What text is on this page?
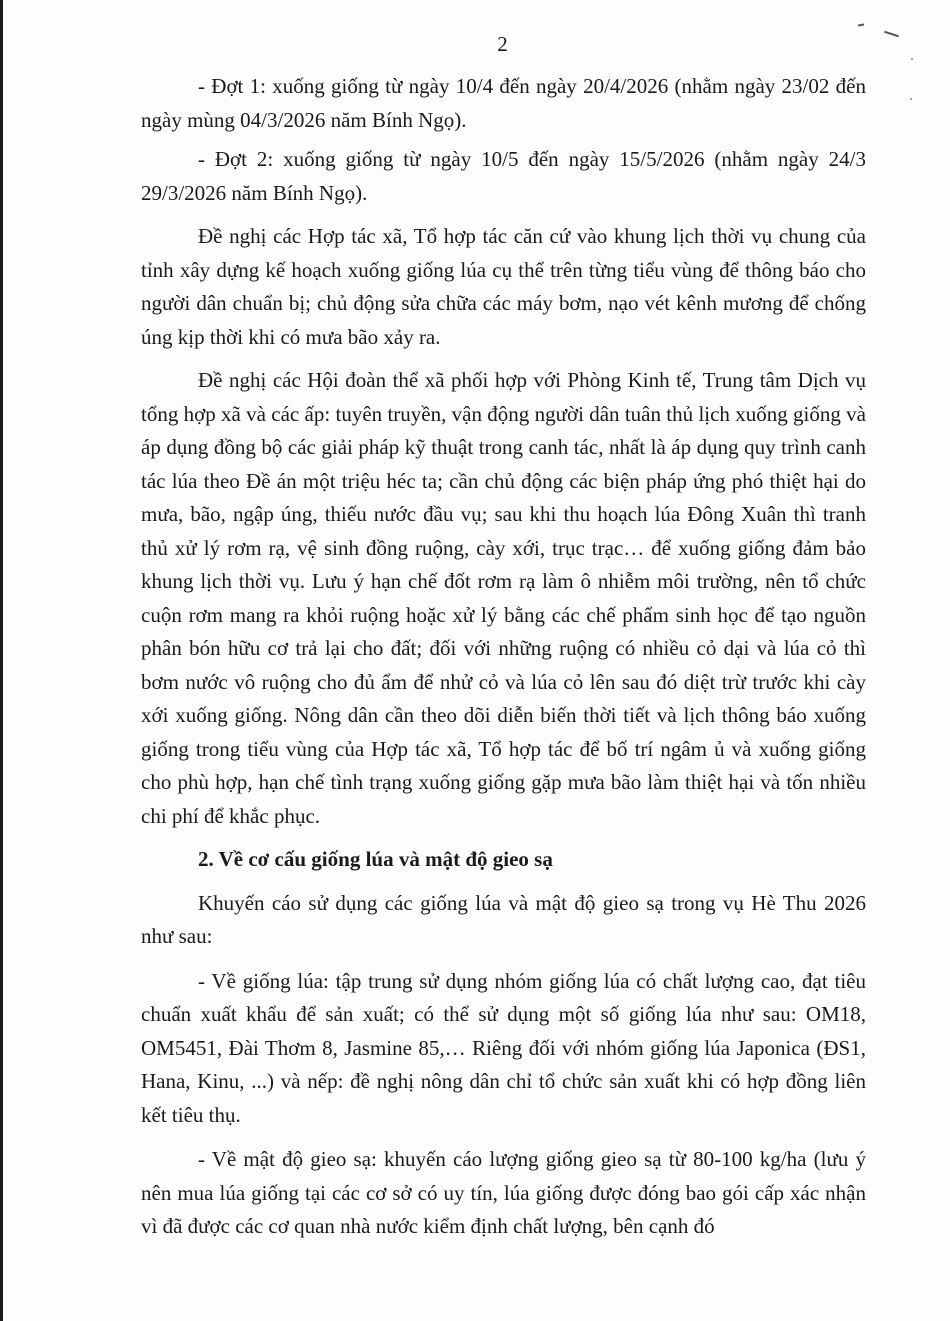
2

- Đợt 1: xuống giống từ ngày 10/4 đến ngày 20/4/2026 (nhằm ngày 23/02 đến ngày mùng 04/3/2026 năm Bính Ngọ).

- Đợt 2: xuống giống từ ngày 10/5 đến ngày 15/5/2026 (nhằm ngày 24/3 29/3/2026 năm Bính Ngọ).

Đề nghị các Hợp tác xã, Tổ hợp tác căn cứ vào khung lịch thời vụ chung của tỉnh xây dựng kế hoạch xuống giống lúa cụ thể trên từng tiểu vùng để thông báo cho người dân chuẩn bị; chủ động sửa chữa các máy bơm, nạo vét kênh mương để chống úng kịp thời khi có mưa bão xảy ra.

Đề nghị các Hội đoàn thể xã phối hợp với Phòng Kinh tế, Trung tâm Dịch vụ tổng hợp xã và các ấp: tuyên truyền, vận động người dân tuân thủ lịch xuống giống và áp dụng đồng bộ các giải pháp kỹ thuật trong canh tác, nhất là áp dụng quy trình canh tác lúa theo Đề án một triệu héc ta; cần chủ động các biện pháp ứng phó thiệt hại do mưa, bão, ngập úng, thiếu nước đầu vụ; sau khi thu hoạch lúa Đông Xuân thì tranh thủ xử lý rơm rạ, vệ sinh đồng ruộng, cày xới, trục trạc… để xuống giống đảm bảo khung lịch thời vụ. Lưu ý hạn chế đốt rơm rạ làm ô nhiễm môi trường, nên tổ chức cuộn rơm mang ra khỏi ruộng hoặc xử lý bằng các chế phẩm sinh học để tạo nguồn phân bón hữu cơ trả lại cho đất; đối với những ruộng có nhiều cỏ dại và lúa cỏ thì bơm nước vô ruộng cho đủ ẩm để nhử cỏ và lúa cỏ lên sau đó diệt trừ trước khi cày xới xuống giống. Nông dân cần theo dõi diễn biến thời tiết và lịch thông báo xuống giống trong tiểu vùng của Hợp tác xã, Tổ hợp tác để bố trí ngâm ủ và xuống giống cho phù hợp, hạn chế tình trạng xuống giống gặp mưa bão làm thiệt hại và tốn nhiều chi phí để khắc phục.

2. Về cơ cấu giống lúa và mật độ gieo sạ

Khuyến cáo sử dụng các giống lúa và mật độ gieo sạ trong vụ Hè Thu 2026 như sau:

- Về giống lúa: tập trung sử dụng nhóm giống lúa có chất lượng cao, đạt tiêu chuẩn xuất khẩu để sản xuất; có thể sử dụng một số giống lúa như sau: OM18, OM5451, Đài Thơm 8, Jasmine 85,… Riêng đối với nhóm giống lúa Japonica (ĐS1, Hana, Kinu, ...) và nếp: đề nghị nông dân chỉ tổ chức sản xuất khi có hợp đồng liên kết tiêu thụ.

- Về mật độ gieo sạ: khuyến cáo lượng giống gieo sạ từ 80-100 kg/ha (lưu ý nên mua lúa giống tại các cơ sở có uy tín, lúa giống được đóng bao gói cấp xác nhận vì đã được các cơ quan nhà nước kiểm định chất lượng, bên cạnh đó
